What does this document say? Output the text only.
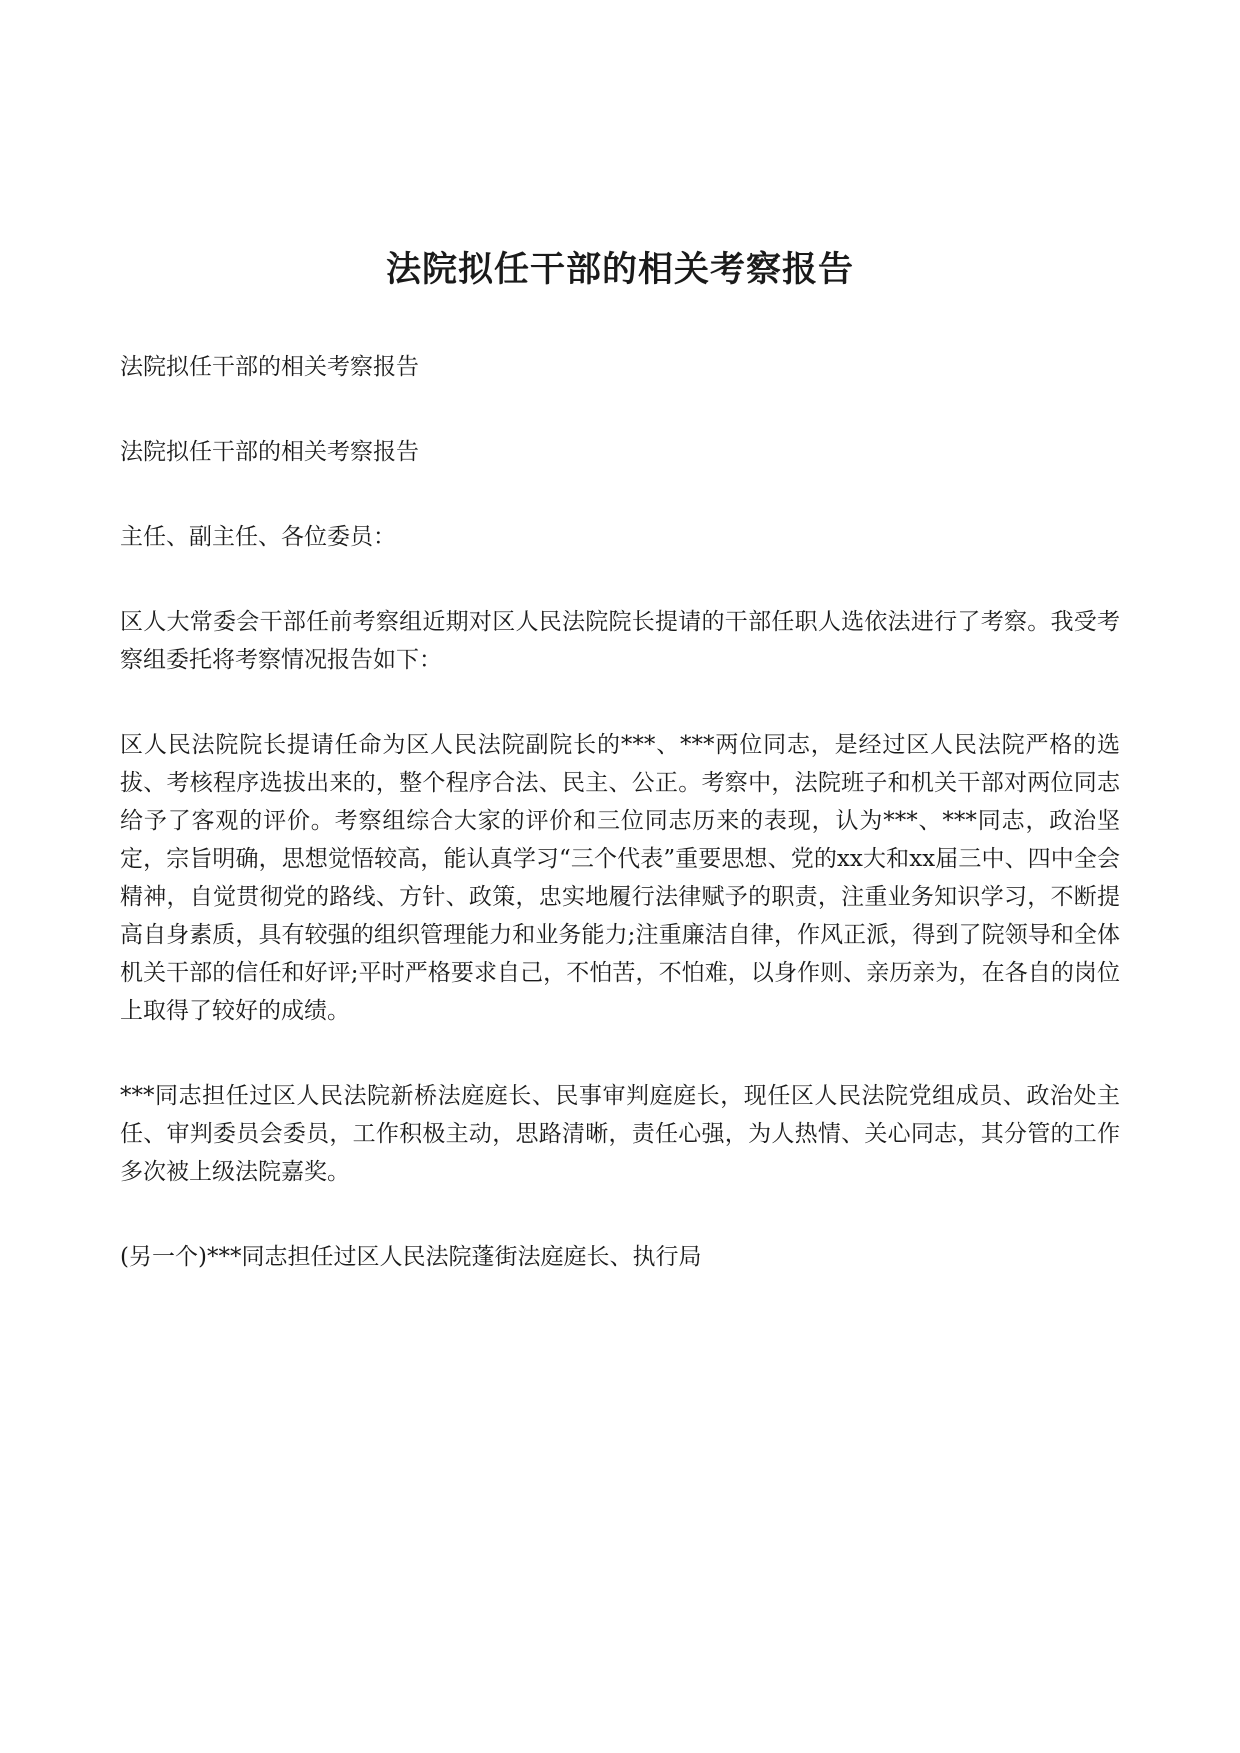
法院拟任干部的相关考察报告

法院拟任干部的相关考察报告

法院拟任干部的相关考察报告

主任、副主任、各位委员：

区人大常委会干部任前考察组近期对区人民法院院长提请的干部任职人选依法进行了考察。我受考察组委托将考察情况报告如下：

区人民法院院长提请任命为区人民法院副院长的***、***两位同志，是经过区人民法院严格的选拔、考核程序选拔出来的，整个程序合法、民主、公正。考察中，法院班子和机关干部对两位同志给予了客观的评价。考察组综合大家的评价和三位同志历来的表现，认为***、***同志，政治坚定，宗旨明确，思想觉悟较高，能认真学习“三个代表”重要思想、党的xx大和xx届三中、四中全会精神，自觉贯彻党的路线、方针、政策，忠实地履行法律赋予的职责，注重业务知识学习，不断提高自身素质，具有较强的组织管理能力和业务能力;注重廉洁自律，作风正派，得到了院领导和全体机关干部的信任和好评;平时严格要求自己，不怕苦，不怕难，以身作则、亲历亲为，在各自的岗位上取得了较好的成绩。

***同志担任过区人民法院新桥法庭庭长、民事审判庭庭长，现任区人民法院党组成员、政治处主任、审判委员会委员，工作积极主动，思路清晰，责任心强，为人热情、关心同志，其分管的工作多次被上级法院嘉奖。

(另一个)***同志担任过区人民法院蓬街法庭庭长、执行局
